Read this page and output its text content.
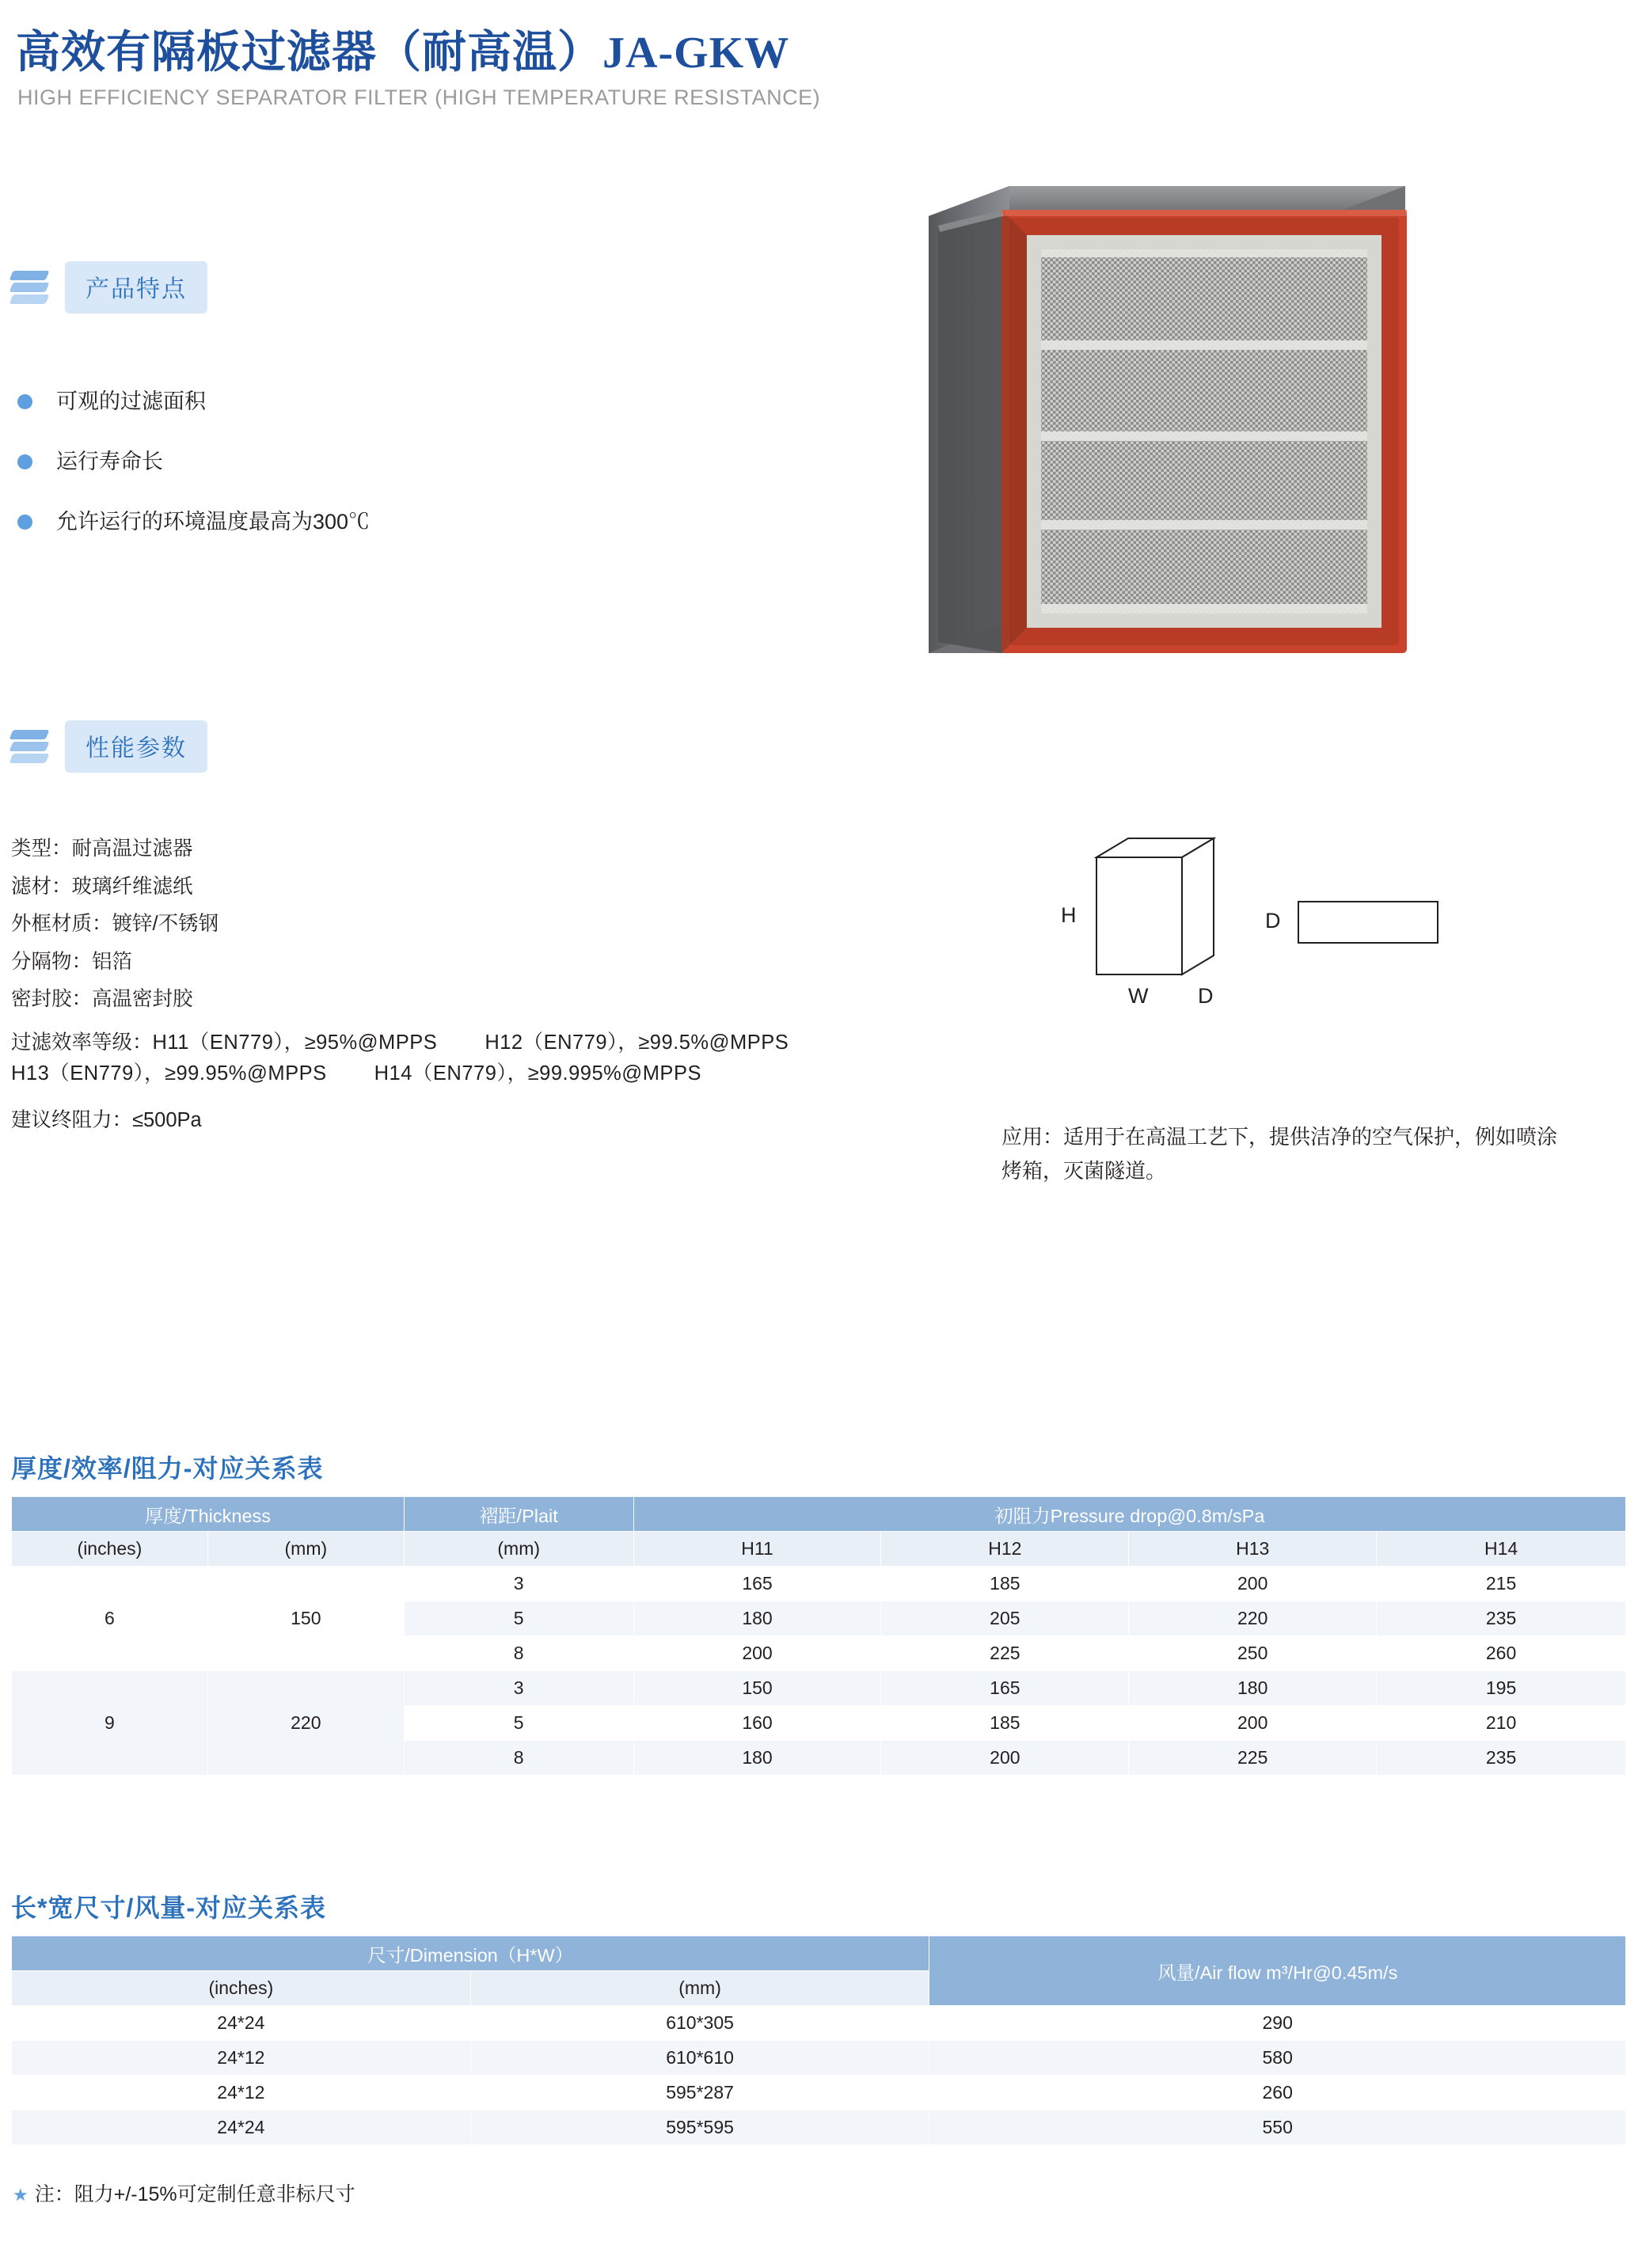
高效有隔板过滤器（耐高温）JA-GKW
HIGH EFFICIENCY SEPARATOR FILTER (HIGH TEMPERATURE RESISTANCE)
产品特点
可观的过滤面积
运行寿命长
允许运行的环境温度最高为300℃
性能参数
类型：耐高温过滤器
滤材：玻璃纤维滤纸
外框材质：镀锌/不锈钢
分隔物：铝箔
密封胶：高温密封胶
过滤效率等级：H11（EN779），≥95%@MPPS H12（EN779），≥99.5%@MPPS
H13（EN779），≥99.95%@MPPS H14（EN779），≥99.995%@MPPS
建议终阻力：≤500Pa
H
W D
D
应用：适用于在高温工艺下，提供洁净的空气保护，例如喷涂烤箱，灭菌隧道。
厚度/效率/阻力-对应关系表
厚度/Thickness		褶距/Plait	初阻力Pressure drop@0.8m/sPa			
(inches)	(mm)	(mm)	H11	H12	H13	H14
6	150	3	165	185	200	215
		5	180	205	220	235
		8	200	225	250	260
9	220	3	150	165	180	195
		5	160	185	200	210
		8	180	200	225	235
长*宽尺寸/风量-对应关系表
尺寸/Dimension（H*W）		风量/Air flow m³/Hr@0.45m/s
(inches)	(mm)	
24*24	610*305	290
24*12	610*610	580
24*12	595*287	260
24*24	595*595	550
★ 注：阻力+/-15%可定制任意非标尺寸
